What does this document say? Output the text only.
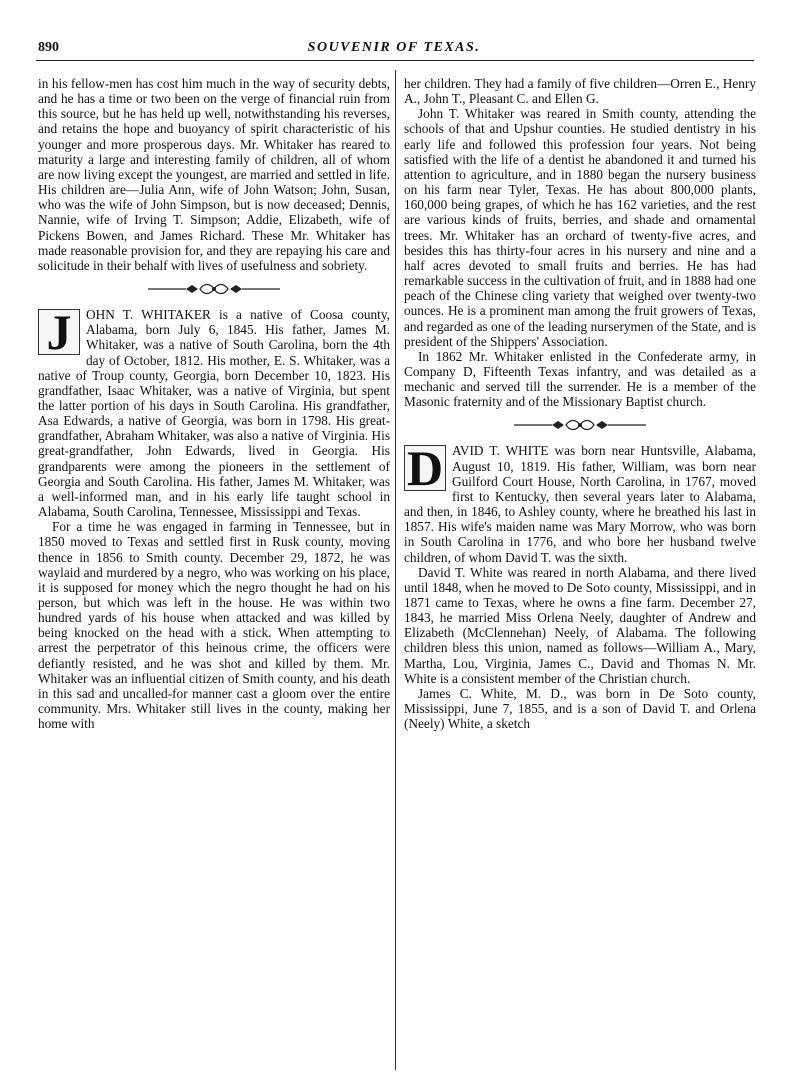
890	SOUVENIR OF TEXAS.

in his fellow-men has cost him much in the way of security debts, and he has a time or two been on the verge of financial ruin from this source, but he has held up well, notwithstanding his reverses, and retains the hope and buoyancy of spirit characteristic of his younger and more prosperous days. Mr. Whitaker has reared to maturity a large and interesting family of children, all of whom are now living except the youngest, are married and settled in life. His children are—Julia Ann, wife of John Watson; John, Susan, who was the wife of John Simpson, but is now deceased; Dennis, Nannie, wife of Irving T. Simpson; Addie, Elizabeth, wife of Pickens Bowen, and James Richard. These Mr. Whitaker has made reasonable provision for, and they are repaying his care and solicitude in their behalf with lives of usefulness and sobriety.

J	OHN T. WHITAKER is a native of Coosa county, Alabama, born July 6, 1845. His father, James M. Whitaker, was a native of South Carolina, born the 4th day of October, 1812. His mother, E. S. Whitaker, was a native of Troup county, Georgia, born December 10, 1823. His grandfather, Isaac Whitaker, was a native of Virginia, but spent the latter portion of his days in South Carolina. His grandfather, Asa Edwards, a native of Georgia, was born in 1798. His great-grandfather, Abraham Whitaker, was also a native of Virginia. His great-grandfather, John Edwards, lived in Georgia. His grandparents were among the pioneers in the settlement of Georgia and South Carolina. His father, James M. Whitaker, was a well-informed man, and in his early life taught school in Alabama, South Carolina, Tennessee, Mississippi and Texas.

For a time he was engaged in farming in Tennessee, but in 1850 moved to Texas and settled first in Rusk county, moving thence in 1856 to Smith county. December 29, 1872, he was waylaid and murdered by a negro, who was working on his place, it is supposed for money which the negro thought he had on his person, but which was left in the house. He was within two hundred yards of his house when attacked and was killed by being knocked on the head with a stick. When attempting to arrest the perpetrator of this heinous crime, the officers were defiantly resisted, and he was shot and killed by them. Mr. Whitaker was an influential citizen of Smith county, and his death in this sad and uncalled-for manner cast a gloom over the entire community. Mrs. Whitaker still lives in the county, making her home with

her children. They had a family of five children—Orren E., Henry A., John T., Pleasant C. and Ellen G.

John T. Whitaker was reared in Smith county, attending the schools of that and Upshur counties. He studied dentistry in his early life and followed this profession four years. Not being satisfied with the life of a dentist he abandoned it and turned his attention to agriculture, and in 1880 began the nursery business on his farm near Tyler, Texas. He has about 800,000 plants, 160,000 being grapes, of which he has 162 varieties, and the rest are various kinds of fruits, berries, and shade and ornamental trees. Mr. Whitaker has an orchard of twenty-five acres, and besides this has thirty-four acres in his nursery and nine and a half acres devoted to small fruits and berries. He has had remarkable success in the cultivation of fruit, and in 1888 had one peach of the Chinese cling variety that weighed over twenty-two ounces. He is a prominent man among the fruit growers of Texas, and regarded as one of the leading nurserymen of the State, and is president of the Shippers' Association.

In 1862 Mr. Whitaker enlisted in the Confederate army, in Company D, Fifteenth Texas infantry, and was detailed as a mechanic and served till the surrender. He is a member of the Masonic fraternity and of the Missionary Baptist church.

D AVID T. WHITE was born near Huntsville, Alabama, August 10, 1819. His father, William, was born near Guilford Court House, North Carolina, in 1767, moved first to Kentucky, then several years later to Alabama, and then, in 1846, to Ashley county, where he breathed his last in 1857. His wife's maiden name was Mary Morrow, who was born in South Carolina in 1776, and who bore her husband twelve children, of whom David T. was the sixth.

David T. White was reared in north Alabama, and there lived until 1848, when he moved to De Soto county, Mississippi, and in 1871 came to Texas, where he owns a fine farm. December 27, 1843, he married Miss Orlena Neely, daughter of Andrew and Elizabeth (McClennehan) Neely, of Alabama. The following children bless this union, named as follows—William A., Mary, Martha, Lou, Virginia, James C., David and Thomas N. Mr. White is a consistent member of the Christian church.

James C. White, M. D., was born in De Soto county, Mississippi, June 7, 1855, and is a son of David T. and Orlena (Neely) White, a sketch
